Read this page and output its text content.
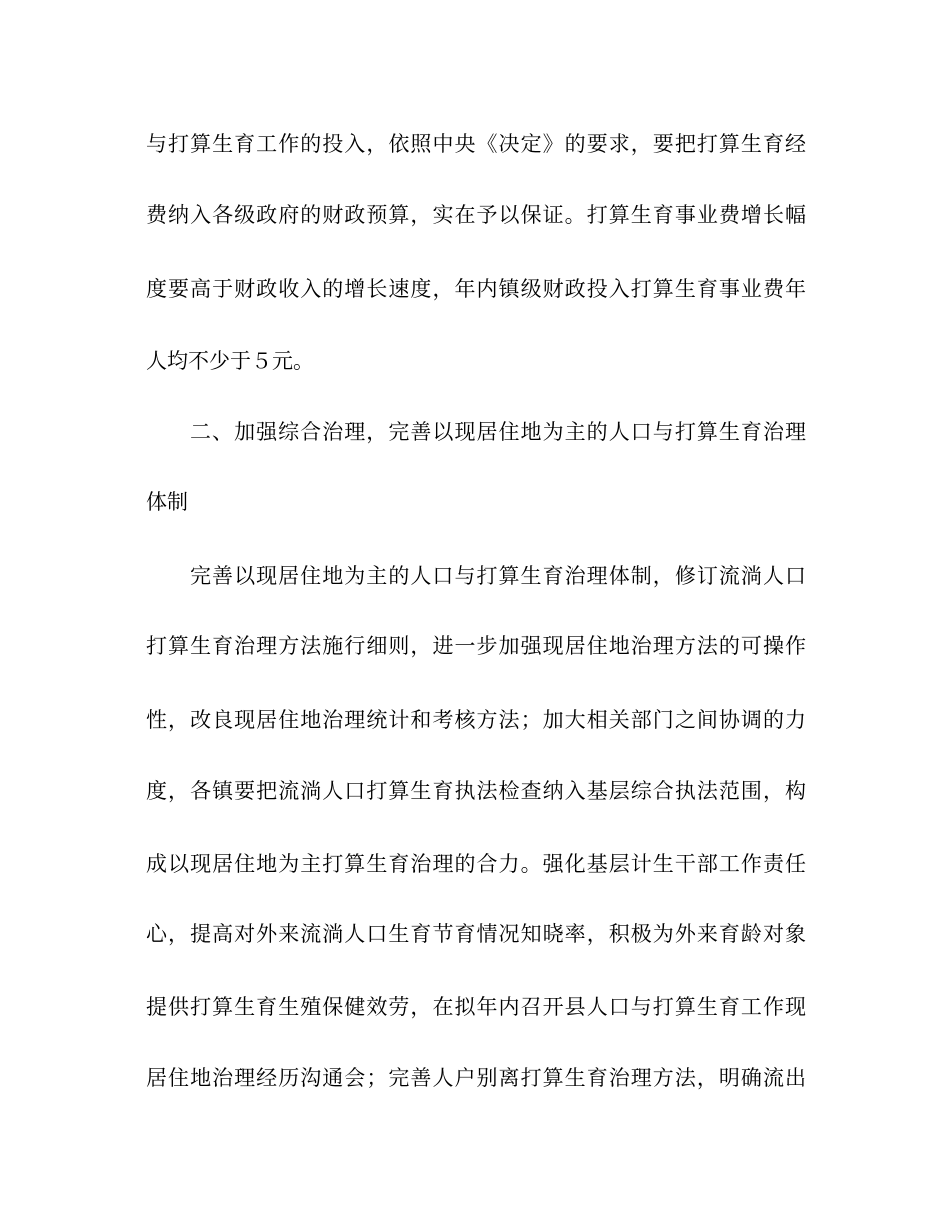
与打算生育工作的投入，依照中央《决定》的要求，要把打算生育经
费纳入各级政府的财政预算，实在予以保证。打算生育事业费增长幅
度要高于财政收入的增长速度，年内镇级财政投入打算生育事业费年
人均不少于５元。
二、加强综合治理，完善以现居住地为主的人口与打算生育治理
体制
完善以现居住地为主的人口与打算生育治理体制，修订流淌人口
打算生育治理方法施行细则，进一步加强现居住地治理方法的可操作
性，改良现居住地治理统计和考核方法；加大相关部门之间协调的力
度，各镇要把流淌人口打算生育执法检查纳入基层综合执法范围，构
成以现居住地为主打算生育治理的合力。强化基层计生干部工作责任
心，提高对外来流淌人口生育节育情况知晓率，积极为外来育龄对象
提供打算生育生殖保健效劳，在拟年内召开县人口与打算生育工作现
居住地治理经历沟通会；完善人户别离打算生育治理方法，明确流出
